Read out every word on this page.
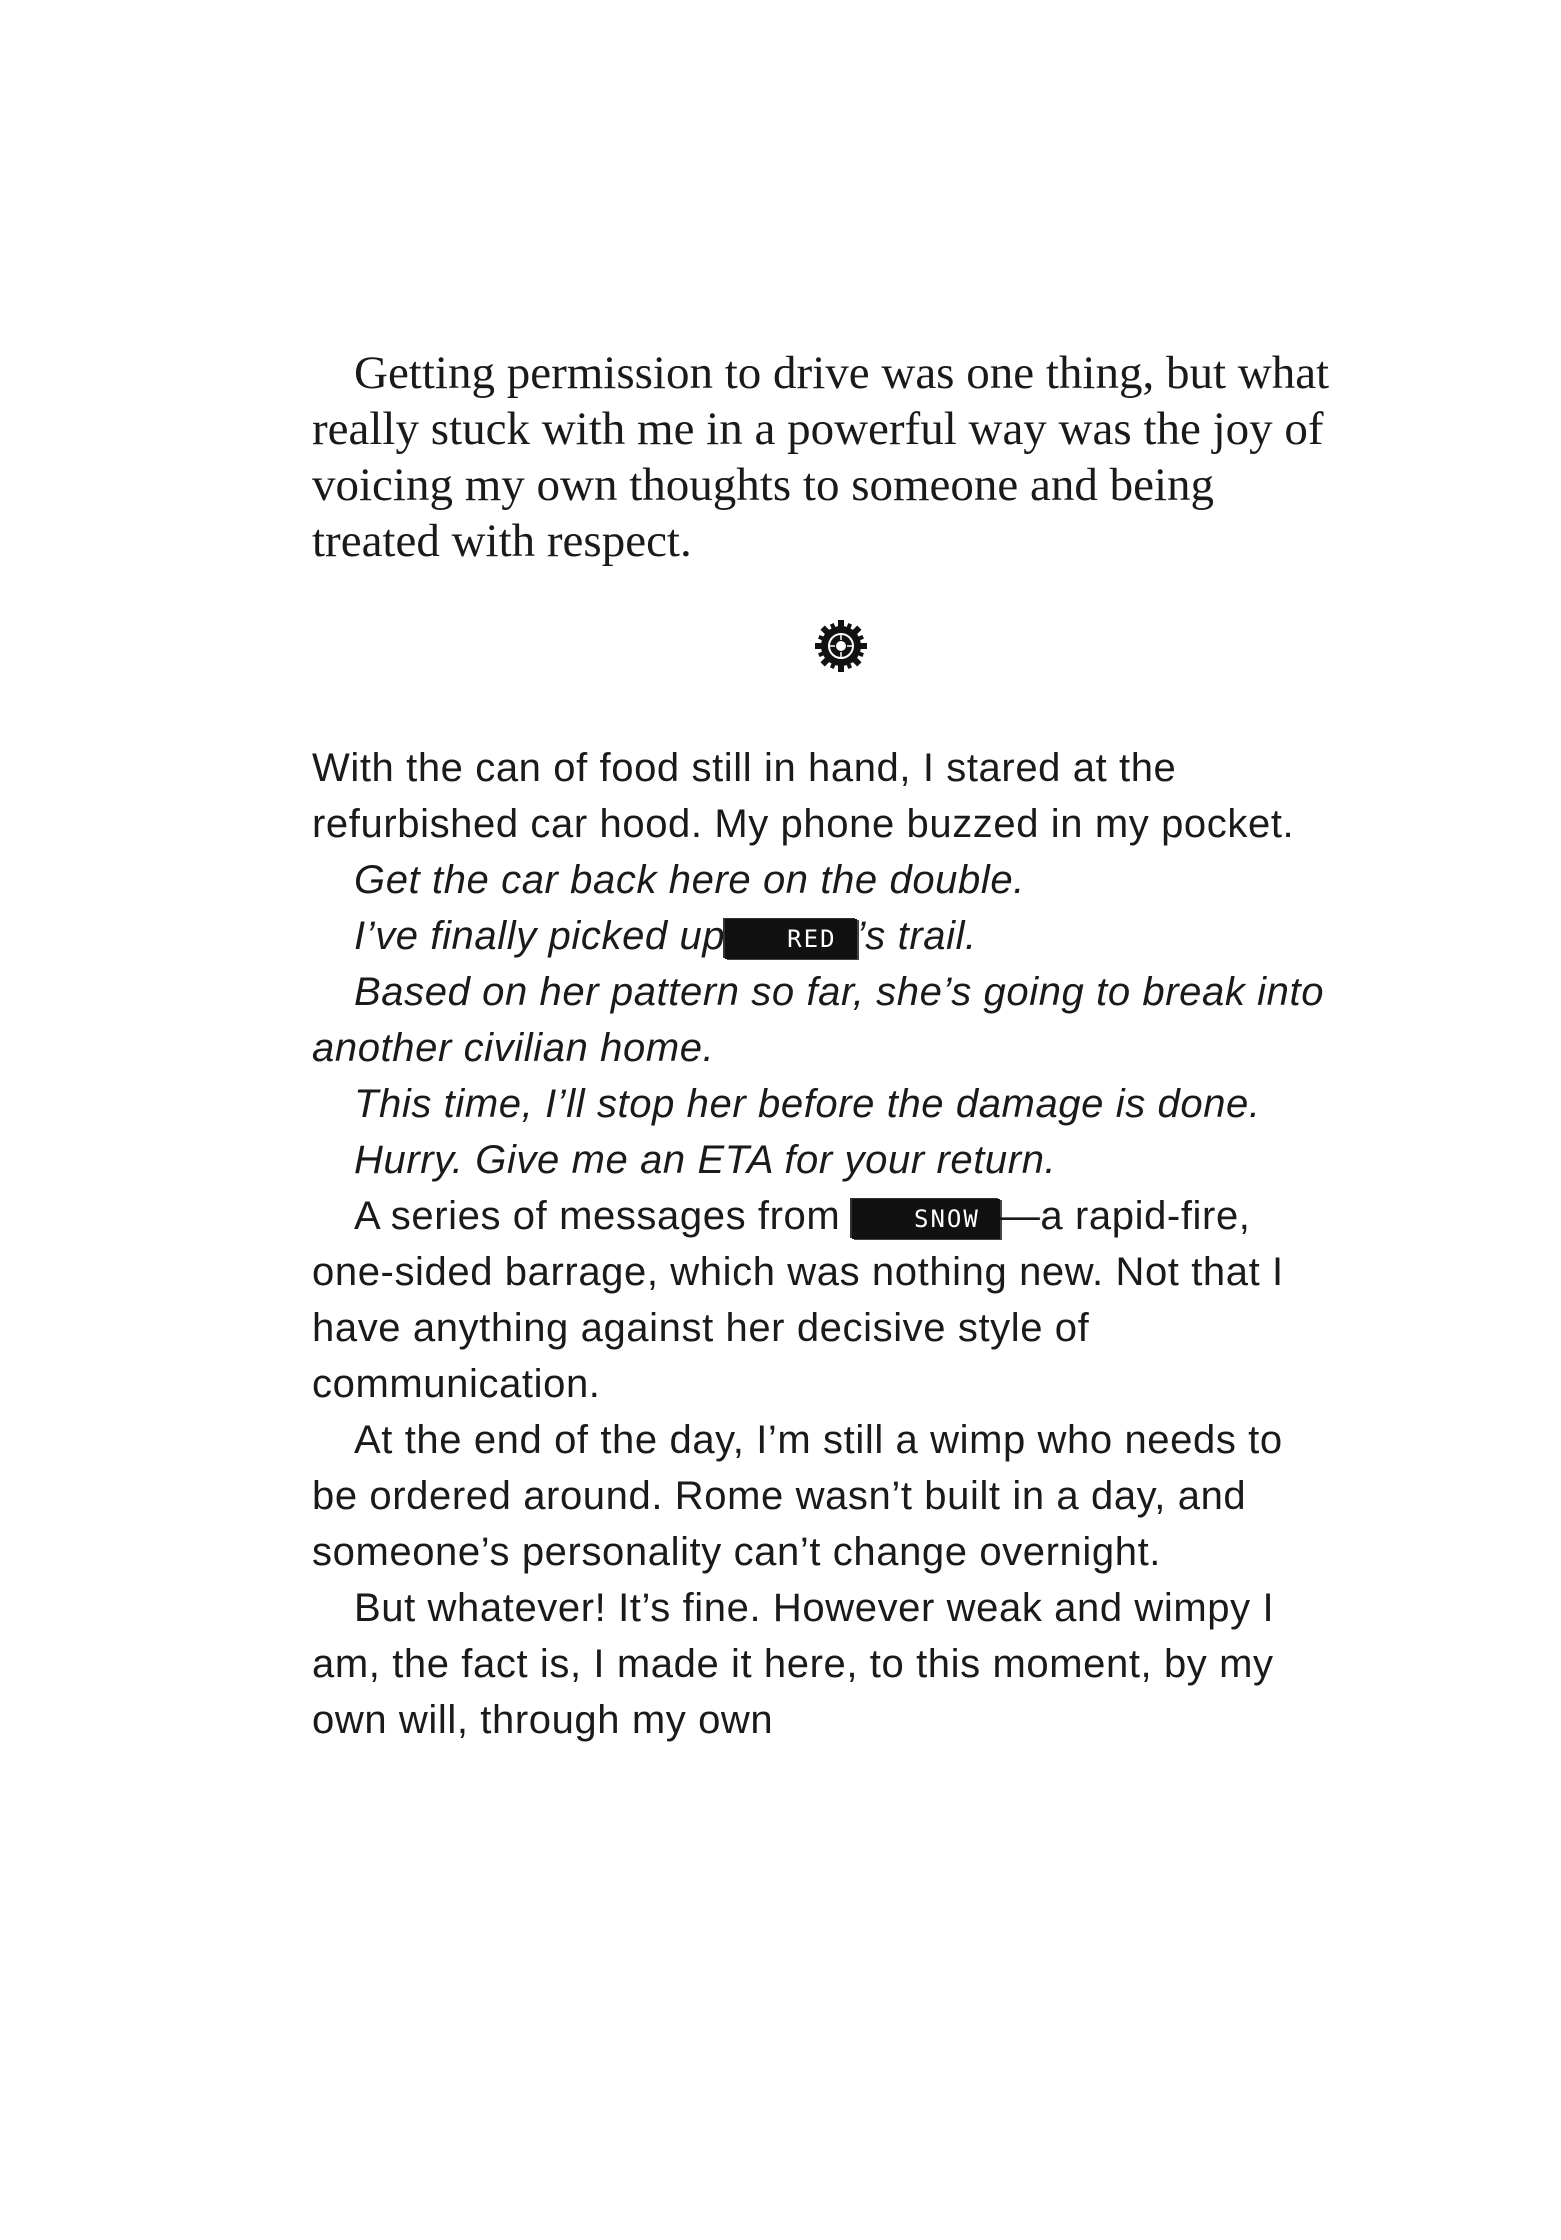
Getting permission to drive was one thing, but what really stuck with me in a powerful way was the joy of voicing my own thoughts to someone and being treated with respect.

With the can of food still in hand, I stared at the refurbished car hood. My phone buzzed in my pocket.

Get the car back here on the double.

I’ve finally picked up	RED ’s trail.

Based on her pattern so far, she’s going to break into another civilian home.

This time, I’ll stop her before the damage is done.

Hurry. Give me an ETA for your return.

A series of messages from	SNOW —a rapid-fire, one-sided barrage, which was nothing new. Not that I have anything against her decisive style of communication.

At the end of the day, I’m still a wimp who needs to be ordered around. Rome wasn’t built in a day, and someone’s personality can’t change overnight.

But whatever! It’s fine. However weak and wimpy I am, the fact is, I made it here, to this moment, by my own will, through my own
